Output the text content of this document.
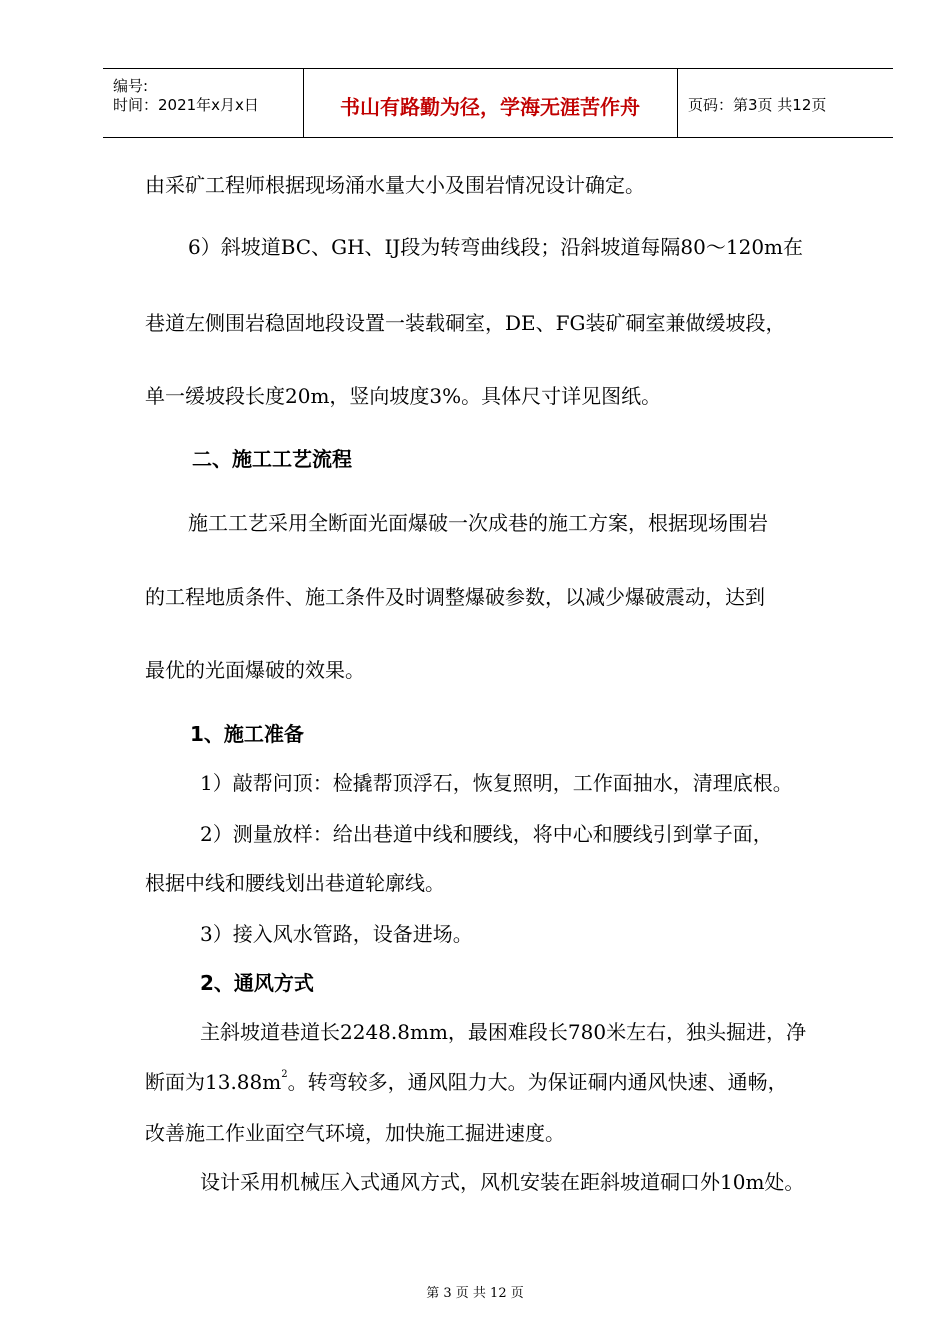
编号:
时间：2021年x月x日	书山有路勤为径，学海无涯苦作舟	页码：第3页 共12页
由采矿工程师根据现场涌水量大小及围岩情况设计确定。
6）斜坡道BC、GH、IJ段为转弯曲线段；沿斜坡道每隔80～120m在
巷道左侧围岩稳固地段设置一装载硐室，DE、FG装矿硐室兼做缓坡段，
单一缓坡段长度20m，竖向坡度3%。具体尺寸详见图纸。
二、施工工艺流程
施工工艺采用全断面光面爆破一次成巷的施工方案，根据现场围岩
的工程地质条件、施工条件及时调整爆破参数，以减少爆破震动，达到
最优的光面爆破的效果。
1、施工准备
1）敲帮问顶：检撬帮顶浮石，恢复照明，工作面抽水，清理底根。
2）测量放样：给出巷道中线和腰线，将中心和腰线引到掌子面，
根据中线和腰线划出巷道轮廓线。
3）接入风水管路，设备进场。
2、通风方式
主斜坡道巷道长2248.8mm，最困难段长780米左右，独头掘进，净
断面为$13.88m^2$。转弯较多，通风阻力大。为保证硐内通风快速、通畅，
改善施工作业面空气环境，加快施工掘进速度。
设计采用机械压入式通风方式，风机安装在距斜坡道硐口外10m处。
第 3 页 共 12 页
